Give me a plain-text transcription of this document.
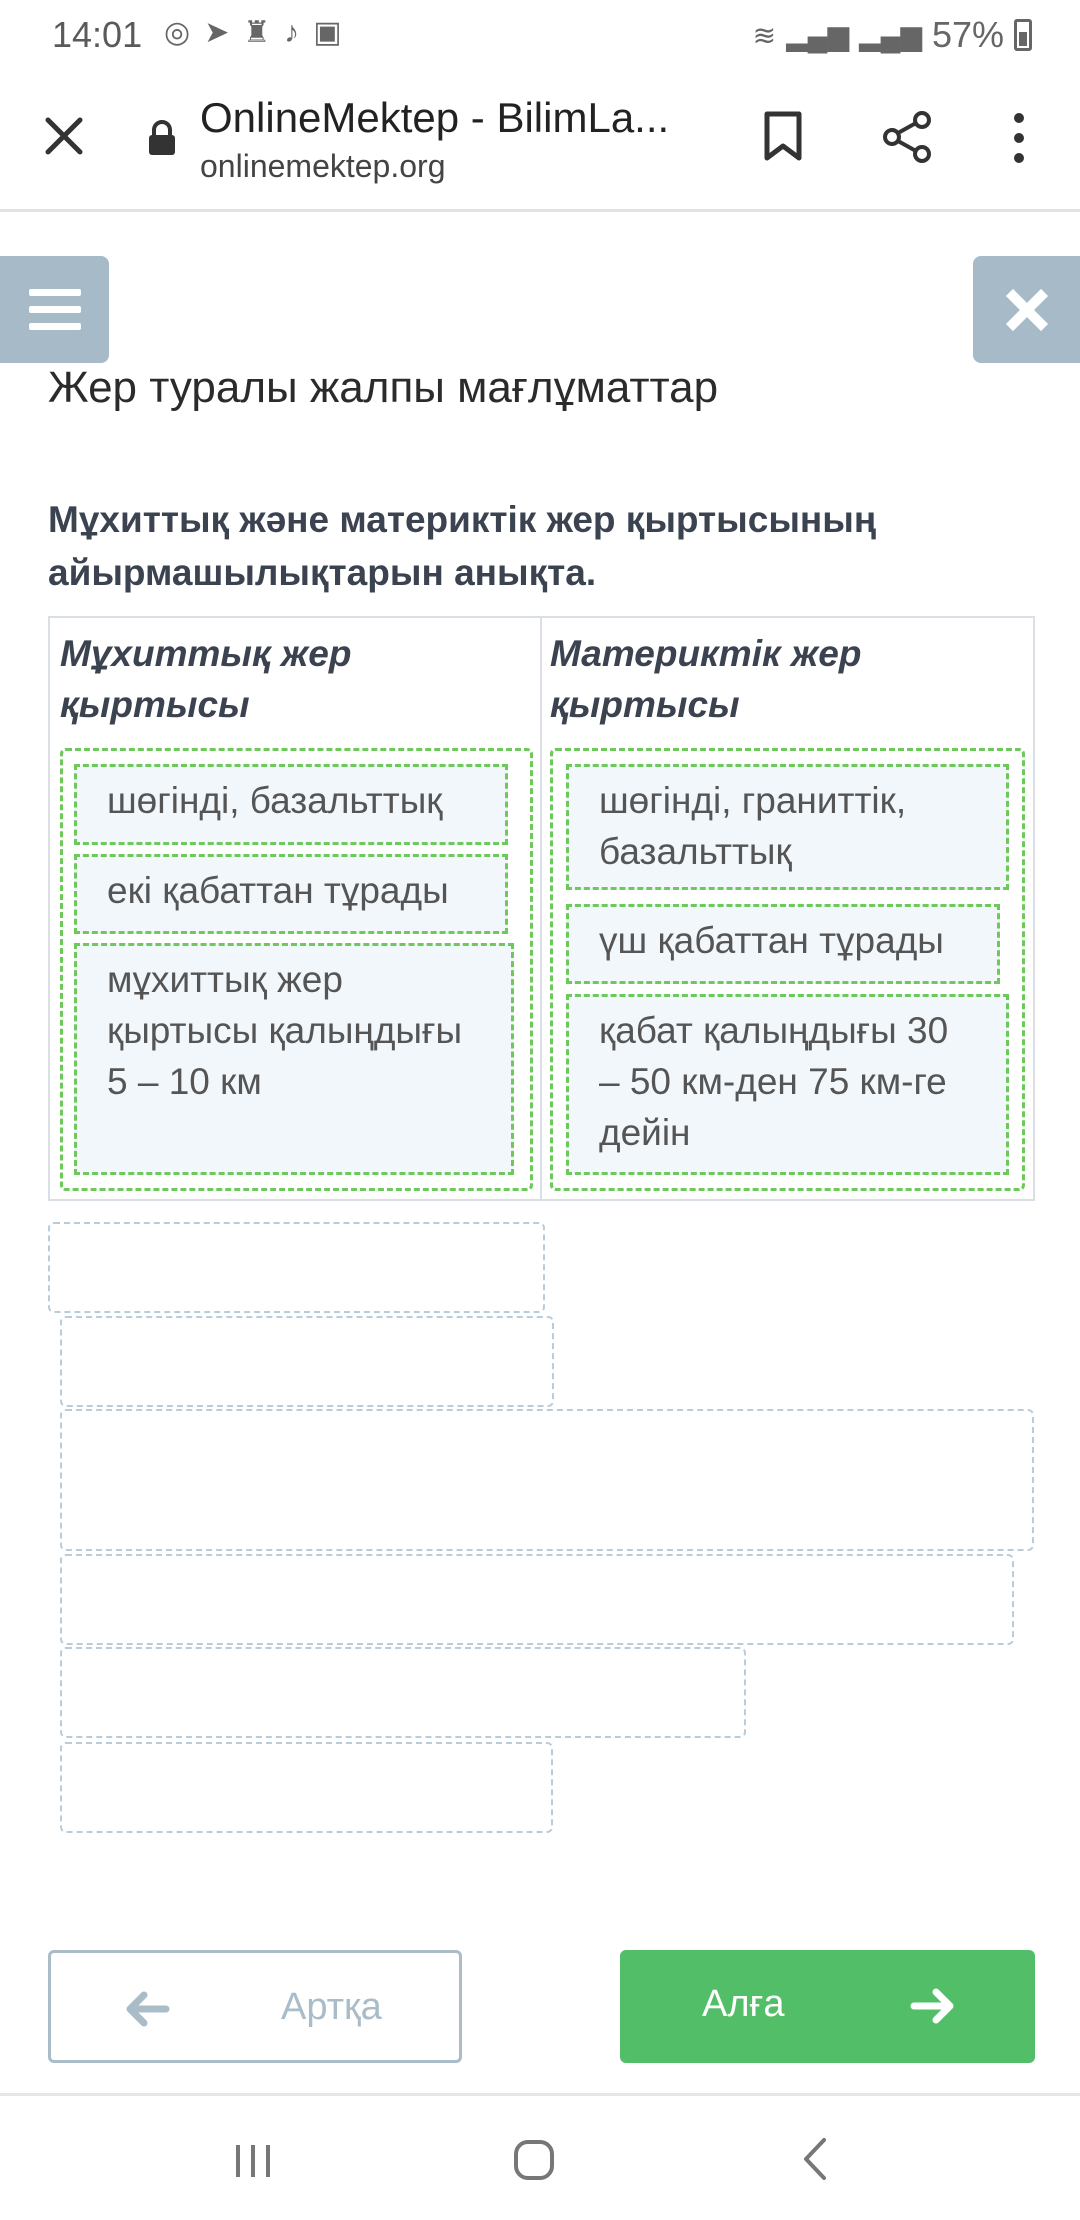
14:01 ◎ ➤ ♜ ♪ ▣	≋ ▂▄▆ ▂▄▆ 57%
OnlineMektep - BilimLa...
onlinemektep.org
Жер туралы жалпы мағлұматтар

Мұхиттық және материктік жер қыртысының айырмашылықтарын анықта.

Мұхиттық жер қыртысы
Материктік жер қыртысы
шөгінді, базальттық
екі қабаттан тұрады
мұхиттық жер қыртысы қалыңдығы 5 – 10 км
шөгінді, граниттік, базальттық
үш қабаттан тұрады
қабат қалыңдығы 30 – 50 км-ден 75 км-ге дейін
Артқа	Алға
